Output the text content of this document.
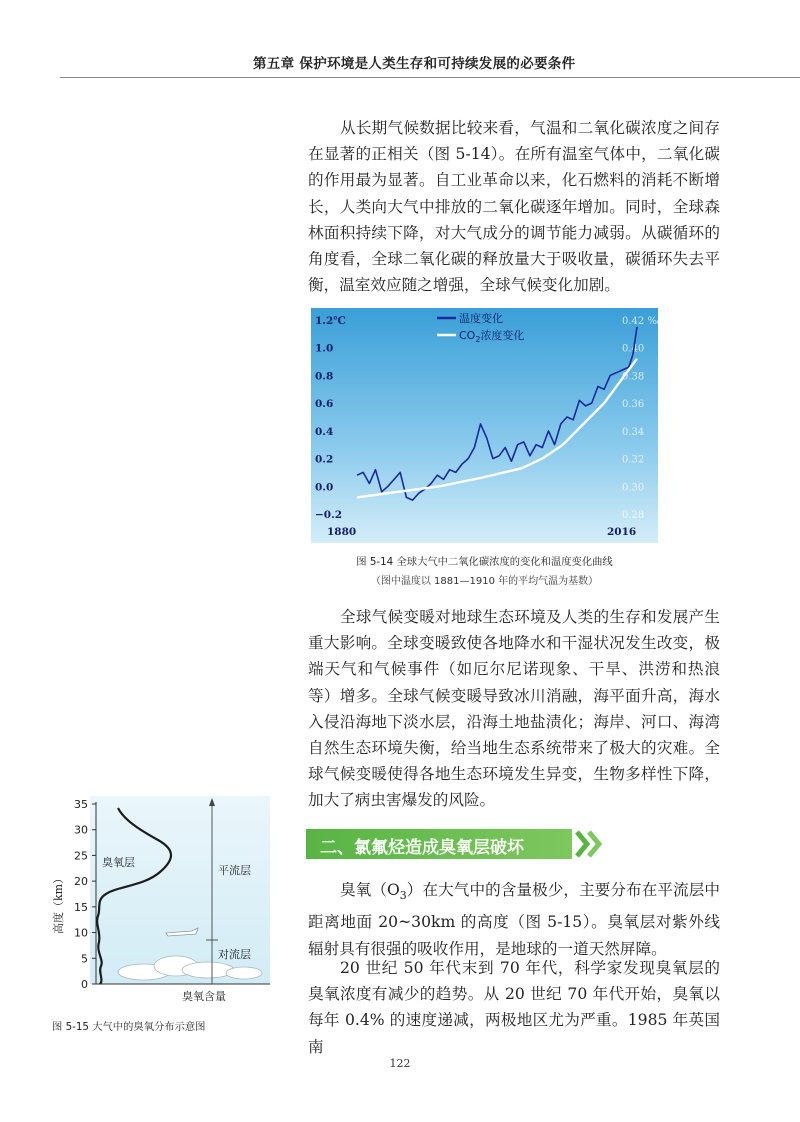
第五章 保护环境是人类生存和可持续发展的必要条件

从长期气候数据比较来看，气温和二氧化碳浓度之间存在显著的正相关（图 5-14）。在所有温室气体中，二氧化碳的作用最为显著。自工业革命以来，化石燃料的消耗不断增长，人类向大气中排放的二氧化碳逐年增加。同时，全球森林面积持续下降，对大气成分的调节能力减弱。从碳循环的角度看，全球二氧化碳的释放量大于吸收量，碳循环失去平衡，温室效应随之增强，全球气候变化加剧。

1.2℃
1.0
0.8
0.6
0.4
0.2
0.0
−0.2
0.42 ‰
0.40
0.38
0.36
0.34
0.32
0.30
0.28
温度变化
$CO_2$浓度变化
1880	2016
图 5-14 全球大气中二氧化碳浓度的变化和温度变化曲线
（图中温度以 1881—1910 年的平均气温为基数）

全球气候变暖对地球生态环境及人类的生存和发展产生重大影响。全球变暖致使各地降水和干湿状况发生改变，极端天气和气候事件（如厄尔尼诺现象、干旱、洪涝和热浪等）增多。全球气候变暖导致冰川消融，海平面升高，海水入侵沿海地下淡水层，沿海土地盐渍化；海岸、河口、海湾自然生态环境失衡，给当地生态系统带来了极大的灾难。全球气候变暖使得各地生态环境发生异变，生物多样性下降，加大了病虫害爆发的风险。

二、氯氟烃造成臭氧层破坏

臭氧$(O_3)$在大气中的含量极少，主要分布在平流层中距离地面 20~30km 的高度（图 5-15）。臭氧层对紫外线辐射具有很强的吸收作用，是地球的一道天然屏障。

20 世纪 50 年代末到 70 年代，科学家发现臭氧层的臭氧浓度有减少的趋势。从 20 世纪 70 年代开始，臭氧以每年 0.4% 的速度递减，两极地区尤为严重。1985 年英国南

0
5
10
15
20
25
30
35
臭氧层
平流层
对流层
臭氧含量
高度（km）
图 5-15 大气中的臭氧分布示意图
122
